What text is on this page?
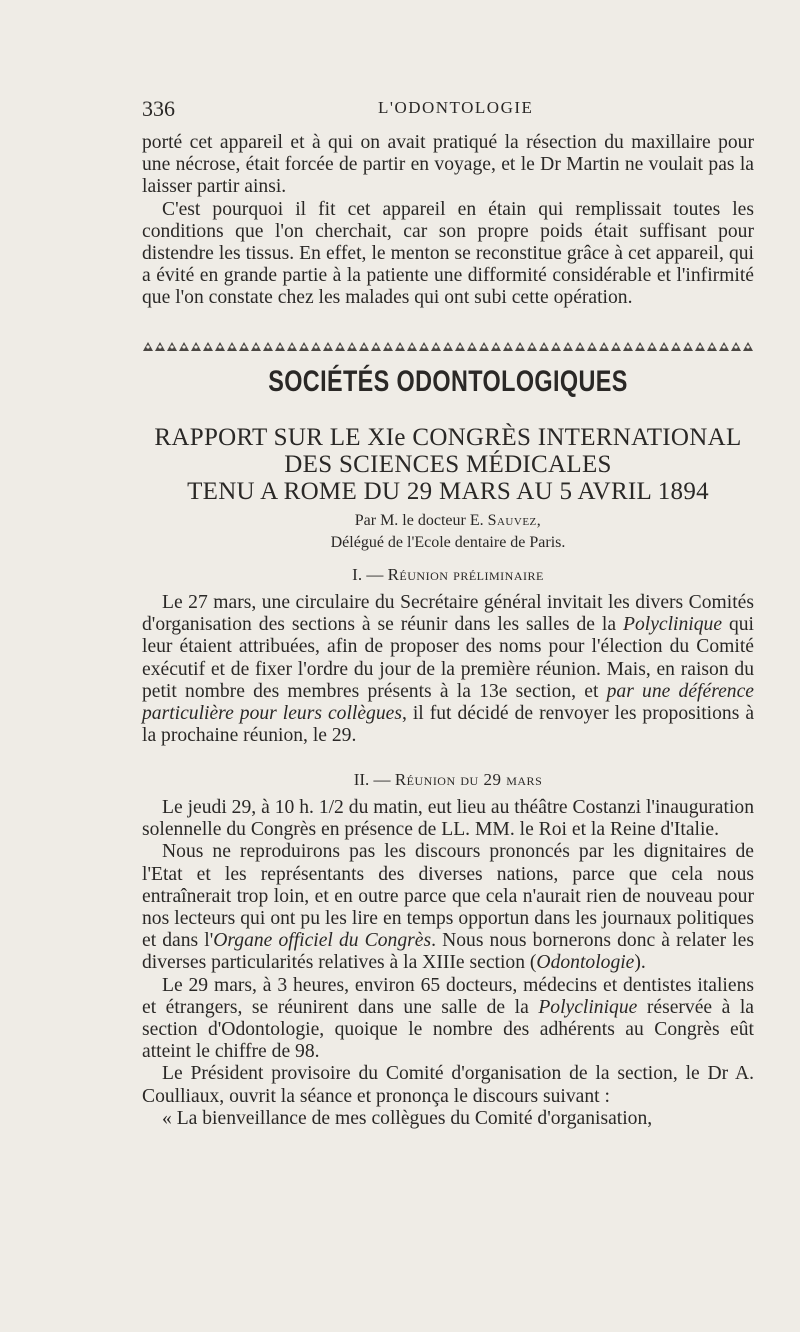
336	L'ODONTOLOGIE

porté cet appareil et à qui on avait pratiqué la résection du maxillaire pour une nécrose, était forcée de partir en voyage, et le Dr Martin ne voulait pas la laisser partir ainsi.

C'est pourquoi il fit cet appareil en étain qui remplissait toutes les conditions que l'on cherchait, car son propre poids était suffisant pour distendre les tissus. En effet, le menton se reconstitue grâce à cet appareil, qui a évité en grande partie à la patiente une difformité considérable et l'infirmité que l'on constate chez les malades qui ont subi cette opération.

SOCIÉTÉS ODONTOLOGIQUES
RAPPORT SUR LE XIe CONGRÈS INTERNATIONAL
DES SCIENCES MÉDICALES
TENU A ROME DU 29 MARS AU 5 AVRIL 1894
Par M. le docteur E. Sauvez,
Délégué de l'Ecole dentaire de Paris.
I. — Réunion préliminaire

Le 27 mars, une circulaire du Secrétaire général invitait les divers Comités d'organisation des sections à se réunir dans les salles de la Polyclinique qui leur étaient attribuées, afin de proposer des noms pour l'élection du Comité exécutif et de fixer l'ordre du jour de la première réunion. Mais, en raison du petit nombre des membres présents à la 13e section, et par une déférence particulière pour leurs collègues, il fut décidé de renvoyer les propositions à la prochaine réunion, le 29.

II. — Réunion du 29 mars

Le jeudi 29, à 10 h. 1/2 du matin, eut lieu au théâtre Costanzi l'inauguration solennelle du Congrès en présence de LL. MM. le Roi et la Reine d'Italie.

Nous ne reproduirons pas les discours prononcés par les dignitaires de l'Etat et les représentants des diverses nations, parce que cela nous entraînerait trop loin, et en outre parce que cela n'aurait rien de nouveau pour nos lecteurs qui ont pu les lire en temps opportun dans les journaux politiques et dans l'Organe officiel du Congrès. Nous nous bornerons donc à relater les diverses particularités relatives à la XIIIe section (Odontologie).

Le 29 mars, à 3 heures, environ 65 docteurs, médecins et dentistes italiens et étrangers, se réunirent dans une salle de la Polyclinique réservée à la section d'Odontologie, quoique le nombre des adhérents au Congrès eût atteint le chiffre de 98.

Le Président provisoire du Comité d'organisation de la section, le Dr A. Coulliaux, ouvrit la séance et prononça le discours suivant :

« La bienveillance de mes collègues du Comité d'organisation,
